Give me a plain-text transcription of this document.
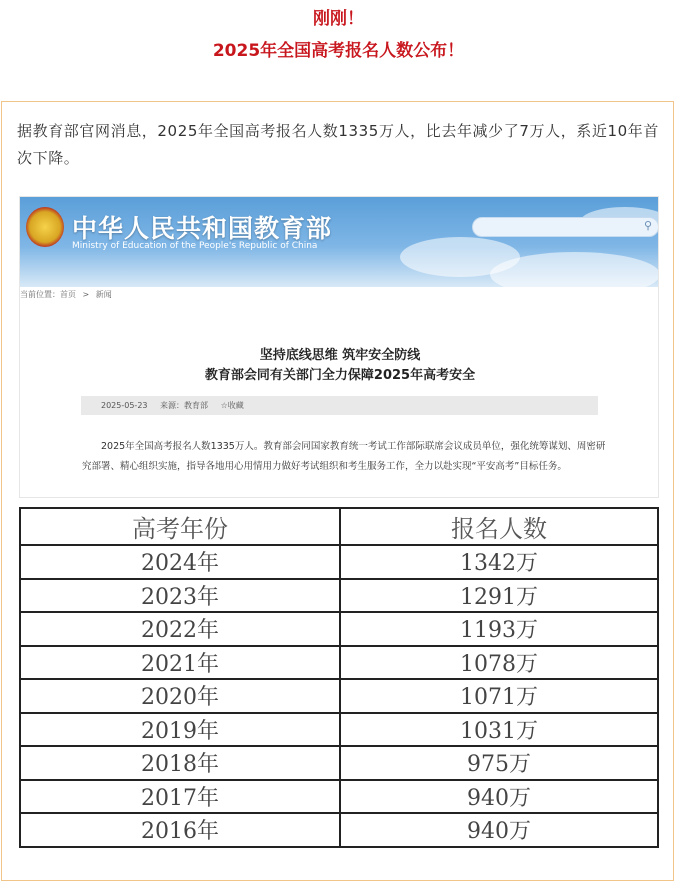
刚刚！
2025年全国高考报名人数公布！
据教育部官网消息，2025年全国高考报名人数1335万人，比去年减少了7万人，系近10年首次下降。
中华人民共和国教育部
Ministry of Education of the People's Republic of China
⚲
当前位置：首页 > 新闻
坚持底线思维 筑牢安全防线
教育部会同有关部门全力保障2025年高考安全
2025-05-23 来源：教育部 ☆收藏
2025年全国高考报名人数1335万人。教育部会同国家教育统一考试工作部际联席会议成员单位，强化统筹谋划、周密研究部署、精心组织实施，指导各地用心用情用力做好考试组织和考生服务工作，全力以赴实现“平安高考”目标任务。
高考年份	报名人数
2024年	1342万
2023年	1291万
2022年	1193万
2021年	1078万
2020年	1071万
2019年	1031万
2018年	975万
2017年	940万
2016年	940万
